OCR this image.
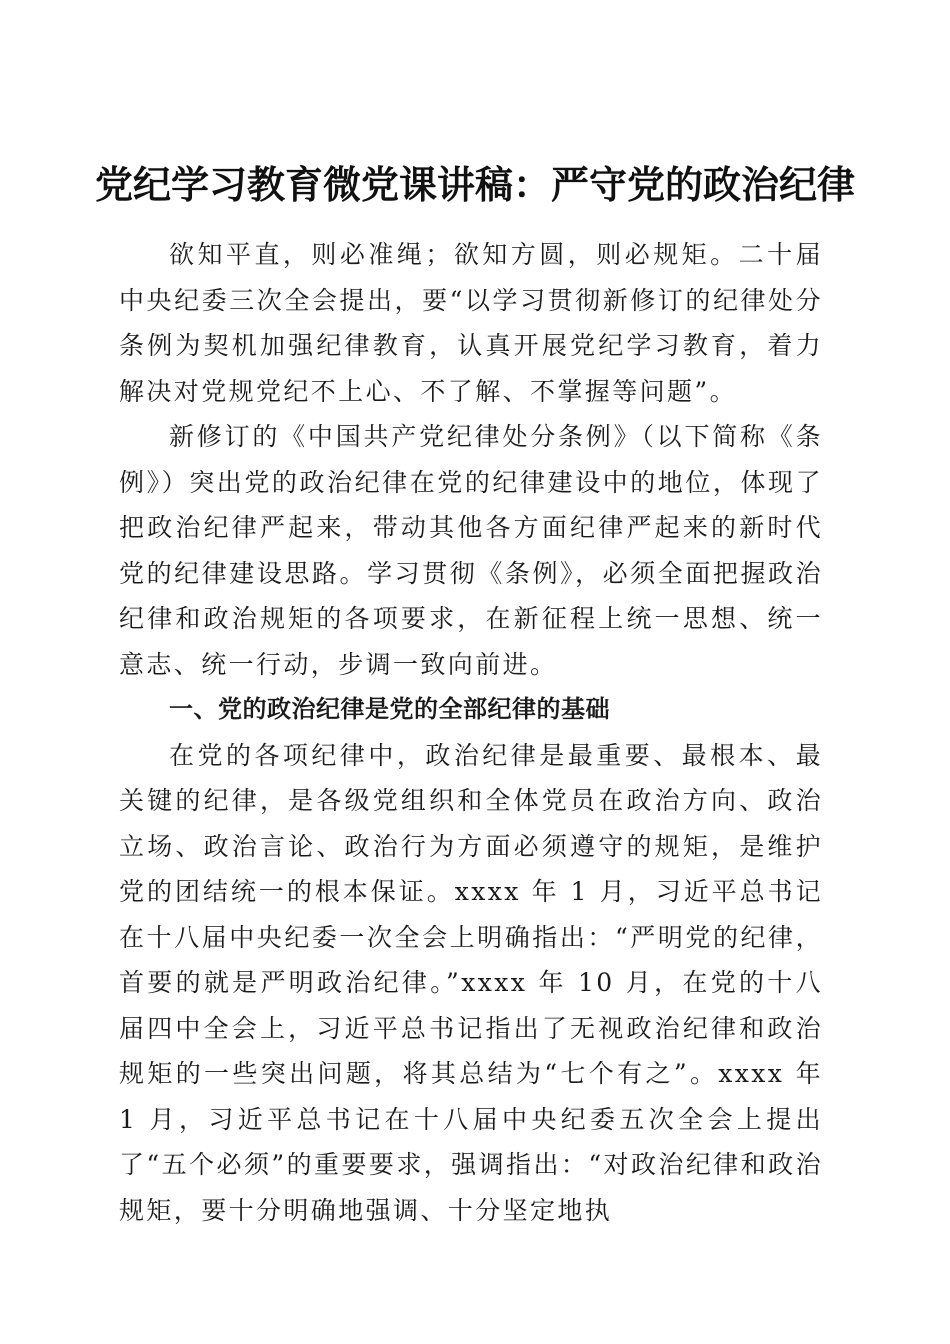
党纪学习教育微党课讲稿：严守党的政治纪律

欲知平直，则必准绳；欲知方圆，则必规矩。二十届中央纪委三次全会提出，要“以学习贯彻新修订的纪律处分条例为契机加强纪律教育，认真开展党纪学习教育，着力解决对党规党纪不上心、不了解、不掌握等问题”。

新修订的《中国共产党纪律处分条例》（以下简称《条例》）突出党的政治纪律在党的纪律建设中的地位，体现了把政治纪律严起来，带动其他各方面纪律严起来的新时代党的纪律建设思路。学习贯彻《条例》，必须全面把握政治纪律和政治规矩的各项要求，在新征程上统一思想、统一意志、统一行动，步调一致向前进。

一、党的政治纪律是党的全部纪律的基础

在党的各项纪律中，政治纪律是最重要、最根本、最关键的纪律，是各级党组织和全体党员在政治方向、政治立场、政治言论、政治行为方面必须遵守的规矩，是维护党的团结统一的根本保证。xxxx 年 1 月，习近平总书记在十八届中央纪委一次全会上明确指出：“严明党的纪律，首要的就是严明政治纪律。”xxxx 年 10 月，在党的十八届四中全会上，习近平总书记指出了无视政治纪律和政治规矩的一些突出问题，将其总结为“七个有之”。xxxx 年 1 月，习近平总书记在十八届中央纪委五次全会上提出了“五个必须”的重要要求，强调指出：“对政治纪律和政治规矩，要十分明确地强调、十分坚定地执
